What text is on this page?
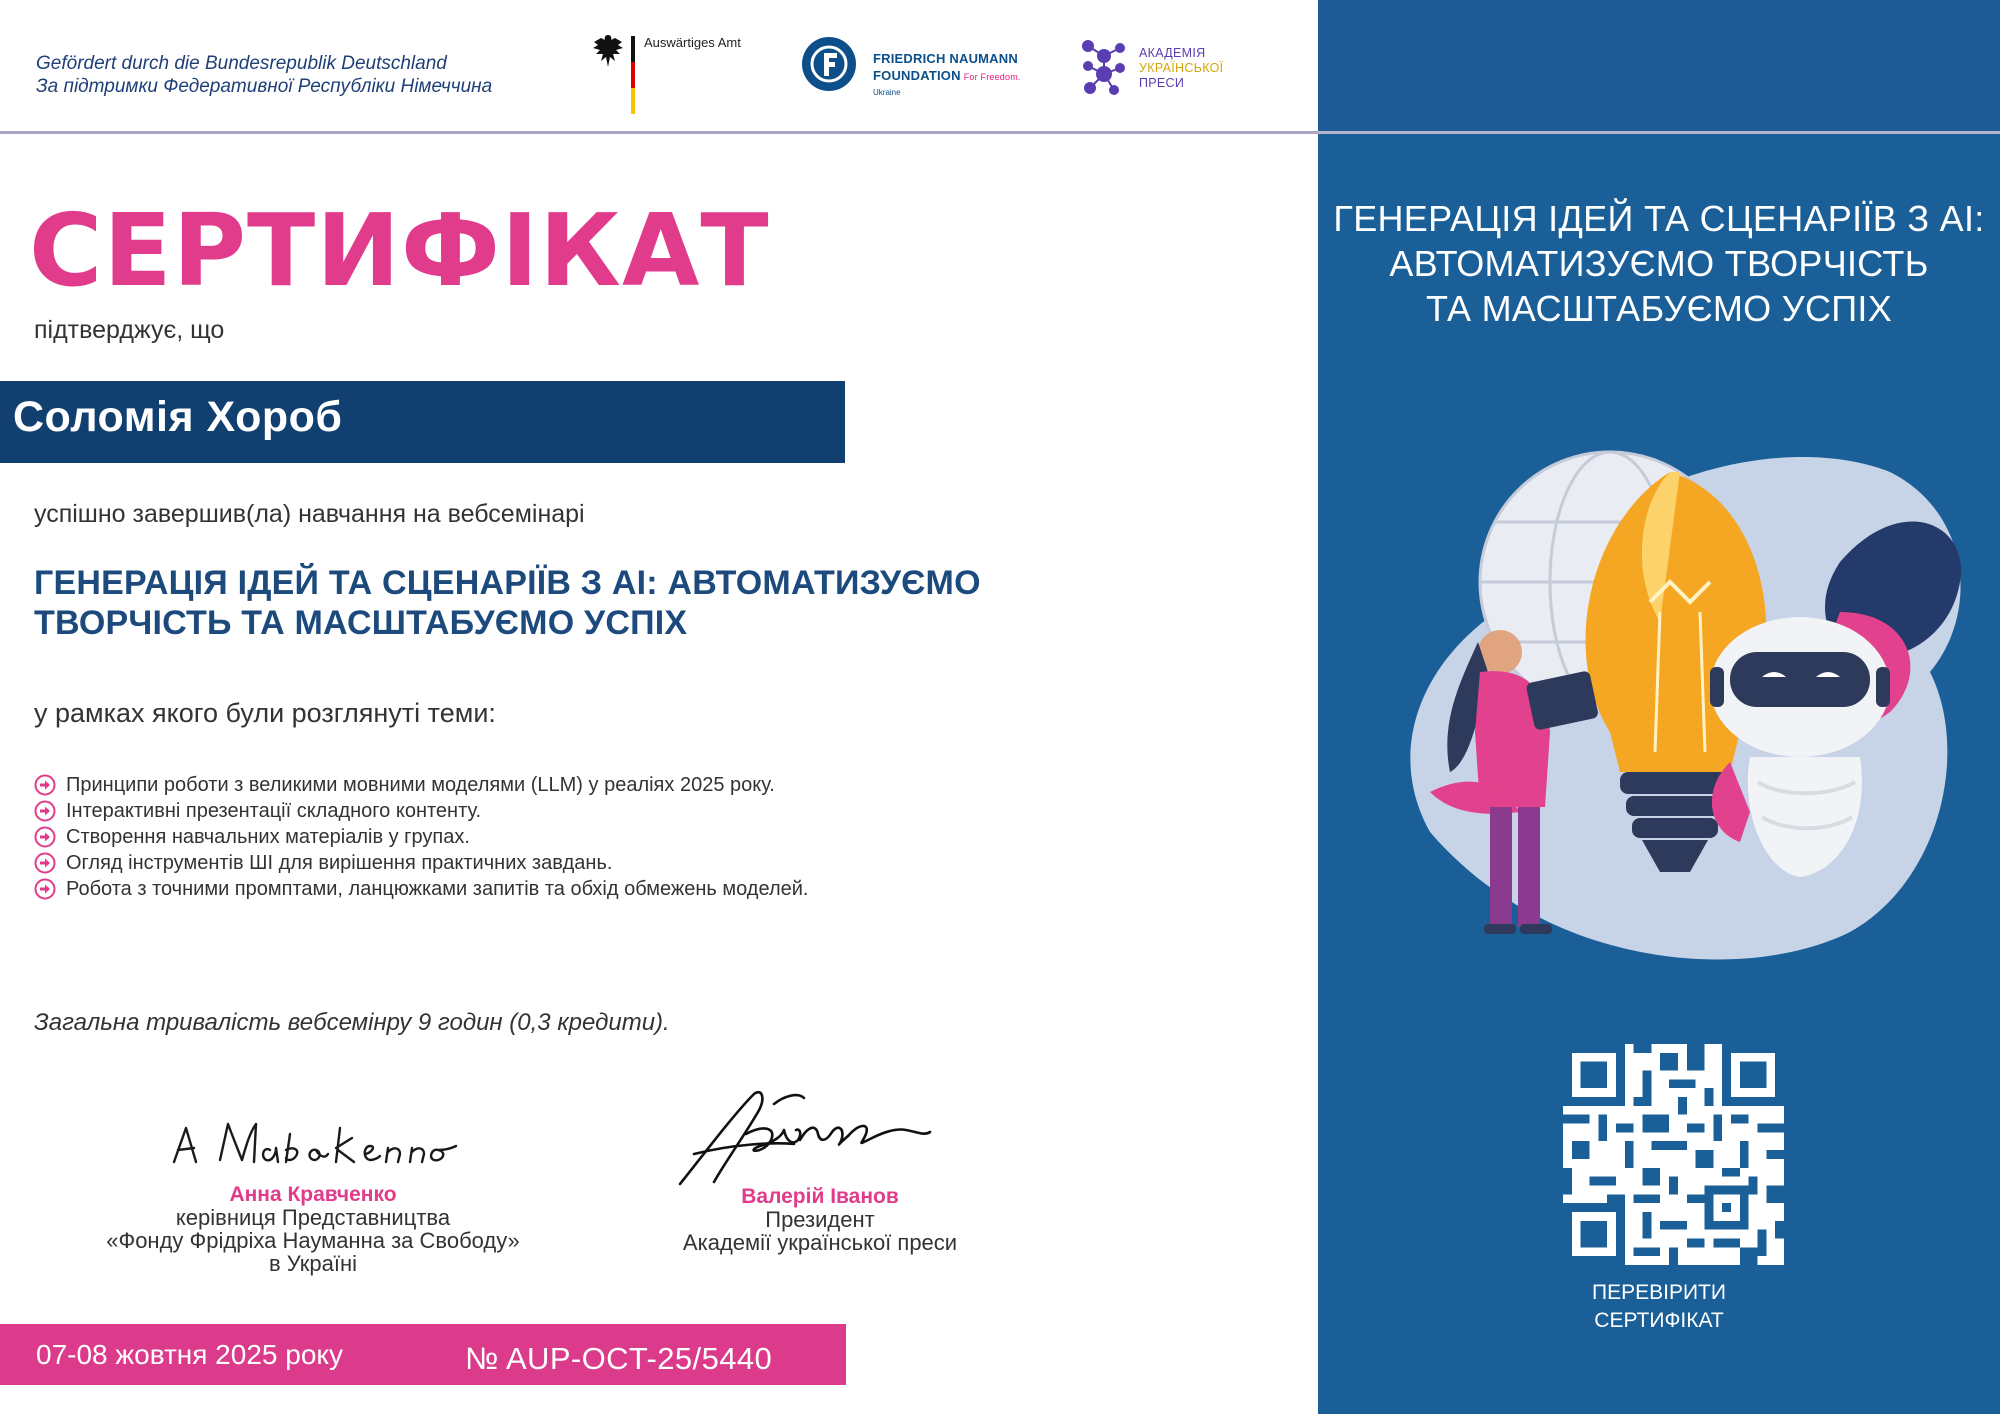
Gefördert durch die Bundesrepublik Deutschland
За підтримки Федеративної Республіки Німеччина
Auswärtiges Amt
FRIEDRICH NAUMANN
FOUNDATION For Freedom.
Ukraine
АКАДЕМІЯ
УКРАЇНСЬКОЇ
ПРЕСИ
ГЕНЕРАЦІЯ ІДЕЙ ТА СЦЕНАРІЇВ З AI:
АВТОМАТИЗУЄМО ТВОРЧІСТЬ
ТА МАСШТАБУЄМО УСПІХ
ПЕРЕВІРИТИ
СЕРТИФІКАТ
СЕРТИФІКАТ
підтверджує, що
Соломія Хороб
успішно завершив(ла) навчання на вебсемінарі
ГЕНЕРАЦІЯ ІДЕЙ ТА СЦЕНАРІЇВ З AI: АВТОМАТИЗУЄМО
ТВОРЧІСТЬ ТА МАСШТАБУЄМО УСПІХ
у рамках якого були розглянуті теми:
Принципи роботи з великими мовними моделями (LLM) у реаліях 2025 року.
Інтерактивні презентації складного контенту.
Створення навчальних матеріалів у групах.
Огляд інструментів ШІ для вирішення практичних завдань.
Робота з точними промптами, ланцюжками запитів та обхід обмежень моделей.
Загальна тривалість вебсемінру 9 годин (0,3 кредити).
Анна Кравченко
керівниця Представництва
«Фонду Фрідріха Науманна за Свободу»
в Україні
Валерій Іванов
Президент
Академії української преси
07-08 жовтня 2025 року	№ AUP-OCT-25/5440
